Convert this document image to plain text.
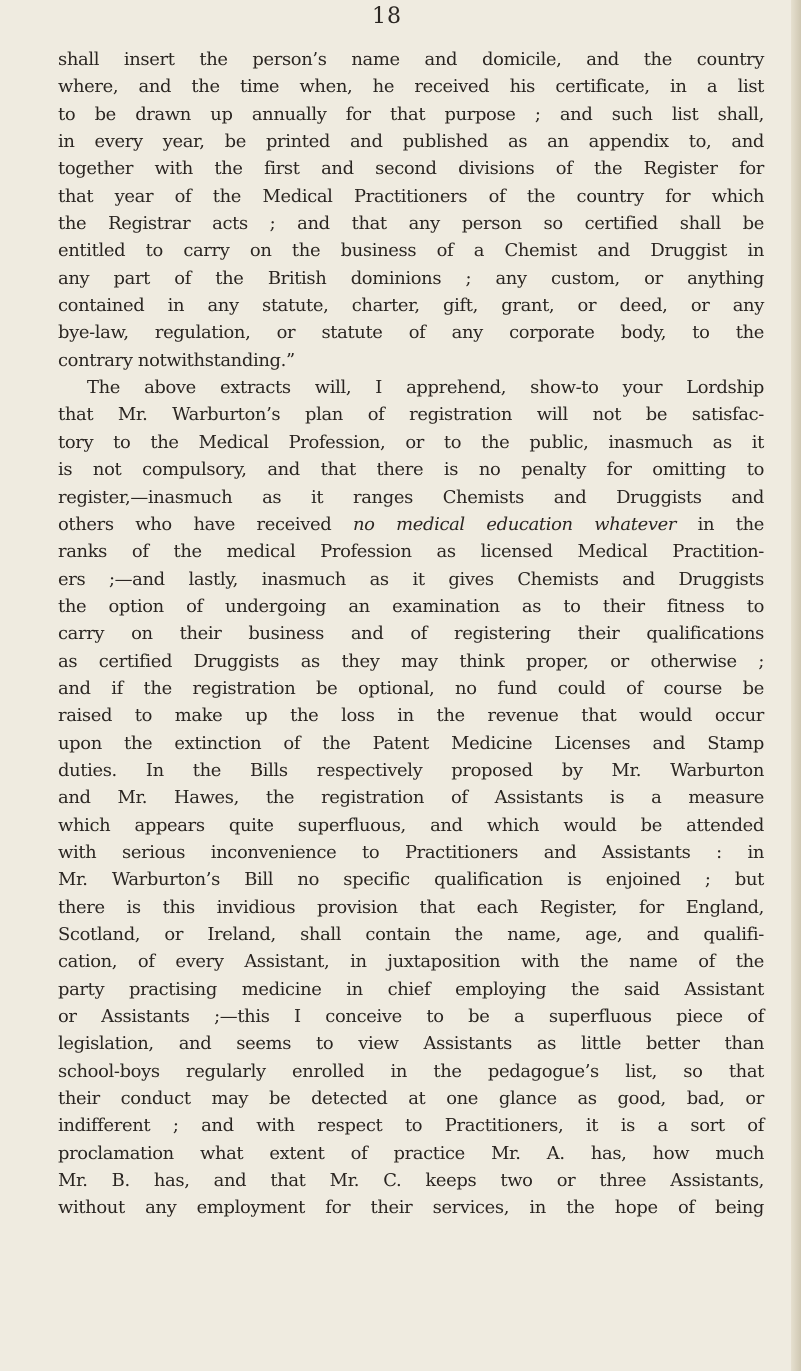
18
shall insert the person’s name and domicile, and the country
where, and the time when, he received his certificate, in a list
to be drawn up annually for that purpose ; and such list shall,
in every year, be printed and published as an appendix to, and
together with the first and second divisions of the Register for
that year of the Medical Practitioners of the country for which
the Registrar acts ; and that any person so certified shall be
entitled to carry on the business of a Chemist and Druggist in
any part of the British dominions ; any custom, or anything
contained in any statute, charter, gift, grant, or deed, or any
bye-law, regulation, or statute of any corporate body, to the
contrary notwithstanding.”
The above extracts will, I apprehend, show-to your Lordship
that Mr. Warburton’s plan of registration will not be satisfac-
tory to the Medical Profession, or to the public, inasmuch as it
is not compulsory, and that there is no penalty for omitting to
register,—inasmuch as it ranges Chemists and Druggists and
others who have received no medical education whatever in the
ranks of the medical Profession as licensed Medical Practition-
ers ;—and lastly, inasmuch as it gives Chemists and Druggists
the option of undergoing an examination as to their fitness to
carry on their business and of registering their qualifications
as certified Druggists as they may think proper, or otherwise ;
and if the registration be optional, no fund could of course be
raised to make up the loss in the revenue that would occur
upon the extinction of the Patent Medicine Licenses and Stamp
duties. In the Bills respectively proposed by Mr. Warburton
and Mr. Hawes, the registration of Assistants is a measure
which appears quite superfluous, and which would be attended
with serious inconvenience to Practitioners and Assistants : in
Mr. Warburton’s Bill no specific qualification is enjoined ; but
there is this invidious provision that each Register, for England,
Scotland, or Ireland, shall contain the name, age, and qualifi-
cation, of every Assistant, in juxtaposition with the name of the
party practising medicine in chief employing the said Assistant
or Assistants ;—this I conceive to be a superfluous piece of
legislation, and seems to view Assistants as little better than
school-boys regularly enrolled in the pedagogue’s list, so that
their conduct may be detected at one glance as good, bad, or
indifferent ; and with respect to Practitioners, it is a sort of
proclamation what extent of practice Mr. A. has, how much
Mr. B. has, and that Mr. C. keeps two or three Assistants,
without any employment for their services, in the hope of being
